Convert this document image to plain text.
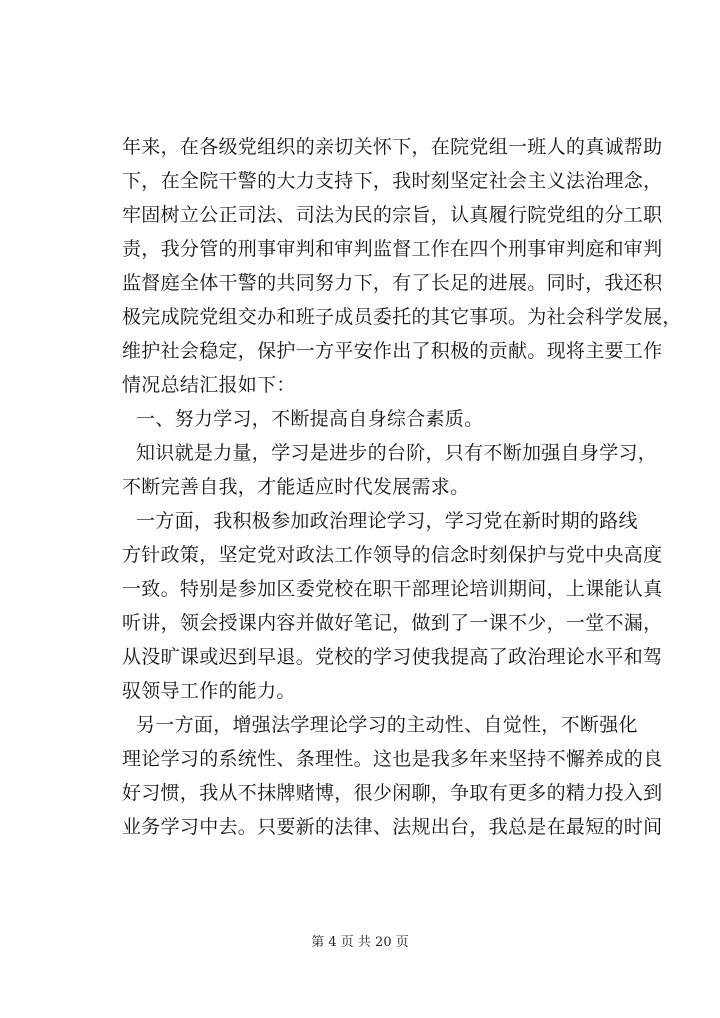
年来，在各级党组织的亲切关怀下，在院党组一班人的真诚帮助
下，在全院干警的大力支持下，我时刻坚定社会主义法治理念，
牢固树立公正司法、司法为民的宗旨，认真履行院党组的分工职
责，我分管的刑事审判和审判监督工作在四个刑事审判庭和审判
监督庭全体干警的共同努力下，有了长足的进展。同时，我还积
极完成院党组交办和班子成员委托的其它事项。为社会科学发展，
维护社会稳定，保护一方平安作出了积极的贡献。现将主要工作
情况总结汇报如下：
一、努力学习，不断提高自身综合素质。
知识就是力量，学习是进步的台阶，只有不断加强自身学习，
不断完善自我，才能适应时代发展需求。
一方面，我积极参加政治理论学习，学习党在新时期的路线
方针政策，坚定党对政法工作领导的信念时刻保护与党中央高度
一致。特别是参加区委党校在职干部理论培训期间，上课能认真
听讲，领会授课内容并做好笔记，做到了一课不少，一堂不漏，
从没旷课或迟到早退。党校的学习使我提高了政治理论水平和驾
驭领导工作的能力。
另一方面，增强法学理论学习的主动性、自觉性，不断强化
理论学习的系统性、条理性。这也是我多年来坚持不懈养成的良
好习惯，我从不抹牌赌博，很少闲聊，争取有更多的精力投入到
业务学习中去。只要新的法律、法规出台，我总是在最短的时间
第 4 页 共 20 页
